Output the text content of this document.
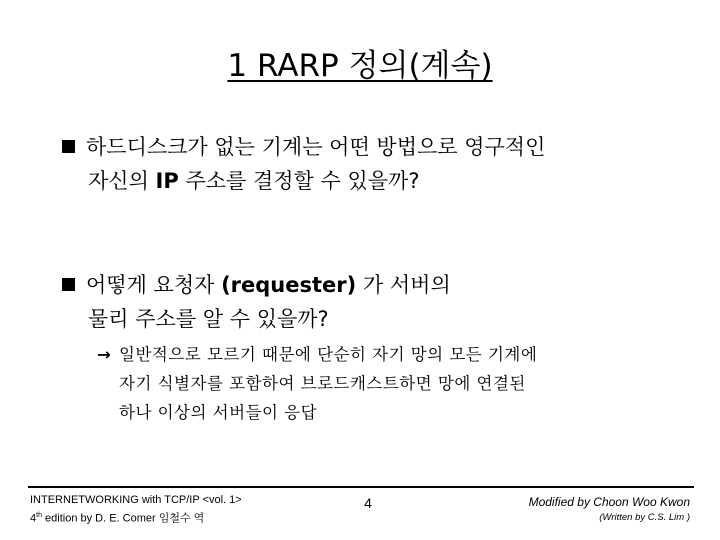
1 RARP 정의(계속)
하드디스크가 없는 기계는 어떤 방법으로 영구적인
자신의 IP 주소를 결정할 수 있을까?
어떻게 요청자 (requester) 가 서버의
물리 주소를 알 수 있을까?
→ 일반적으로 모르기 때문에 단순히 자기 망의 모든 기계에
자기 식별자를 포함하여 브로드캐스트하면 망에 연결된
하나 이상의 서버들이 응답
INTERNETWORKING with TCP/IP <vol. 1>
4th edition by D. E. Comer 임철수 역
4	Modified by Choon Woo Kwon
(Written by C.S. Lim )
